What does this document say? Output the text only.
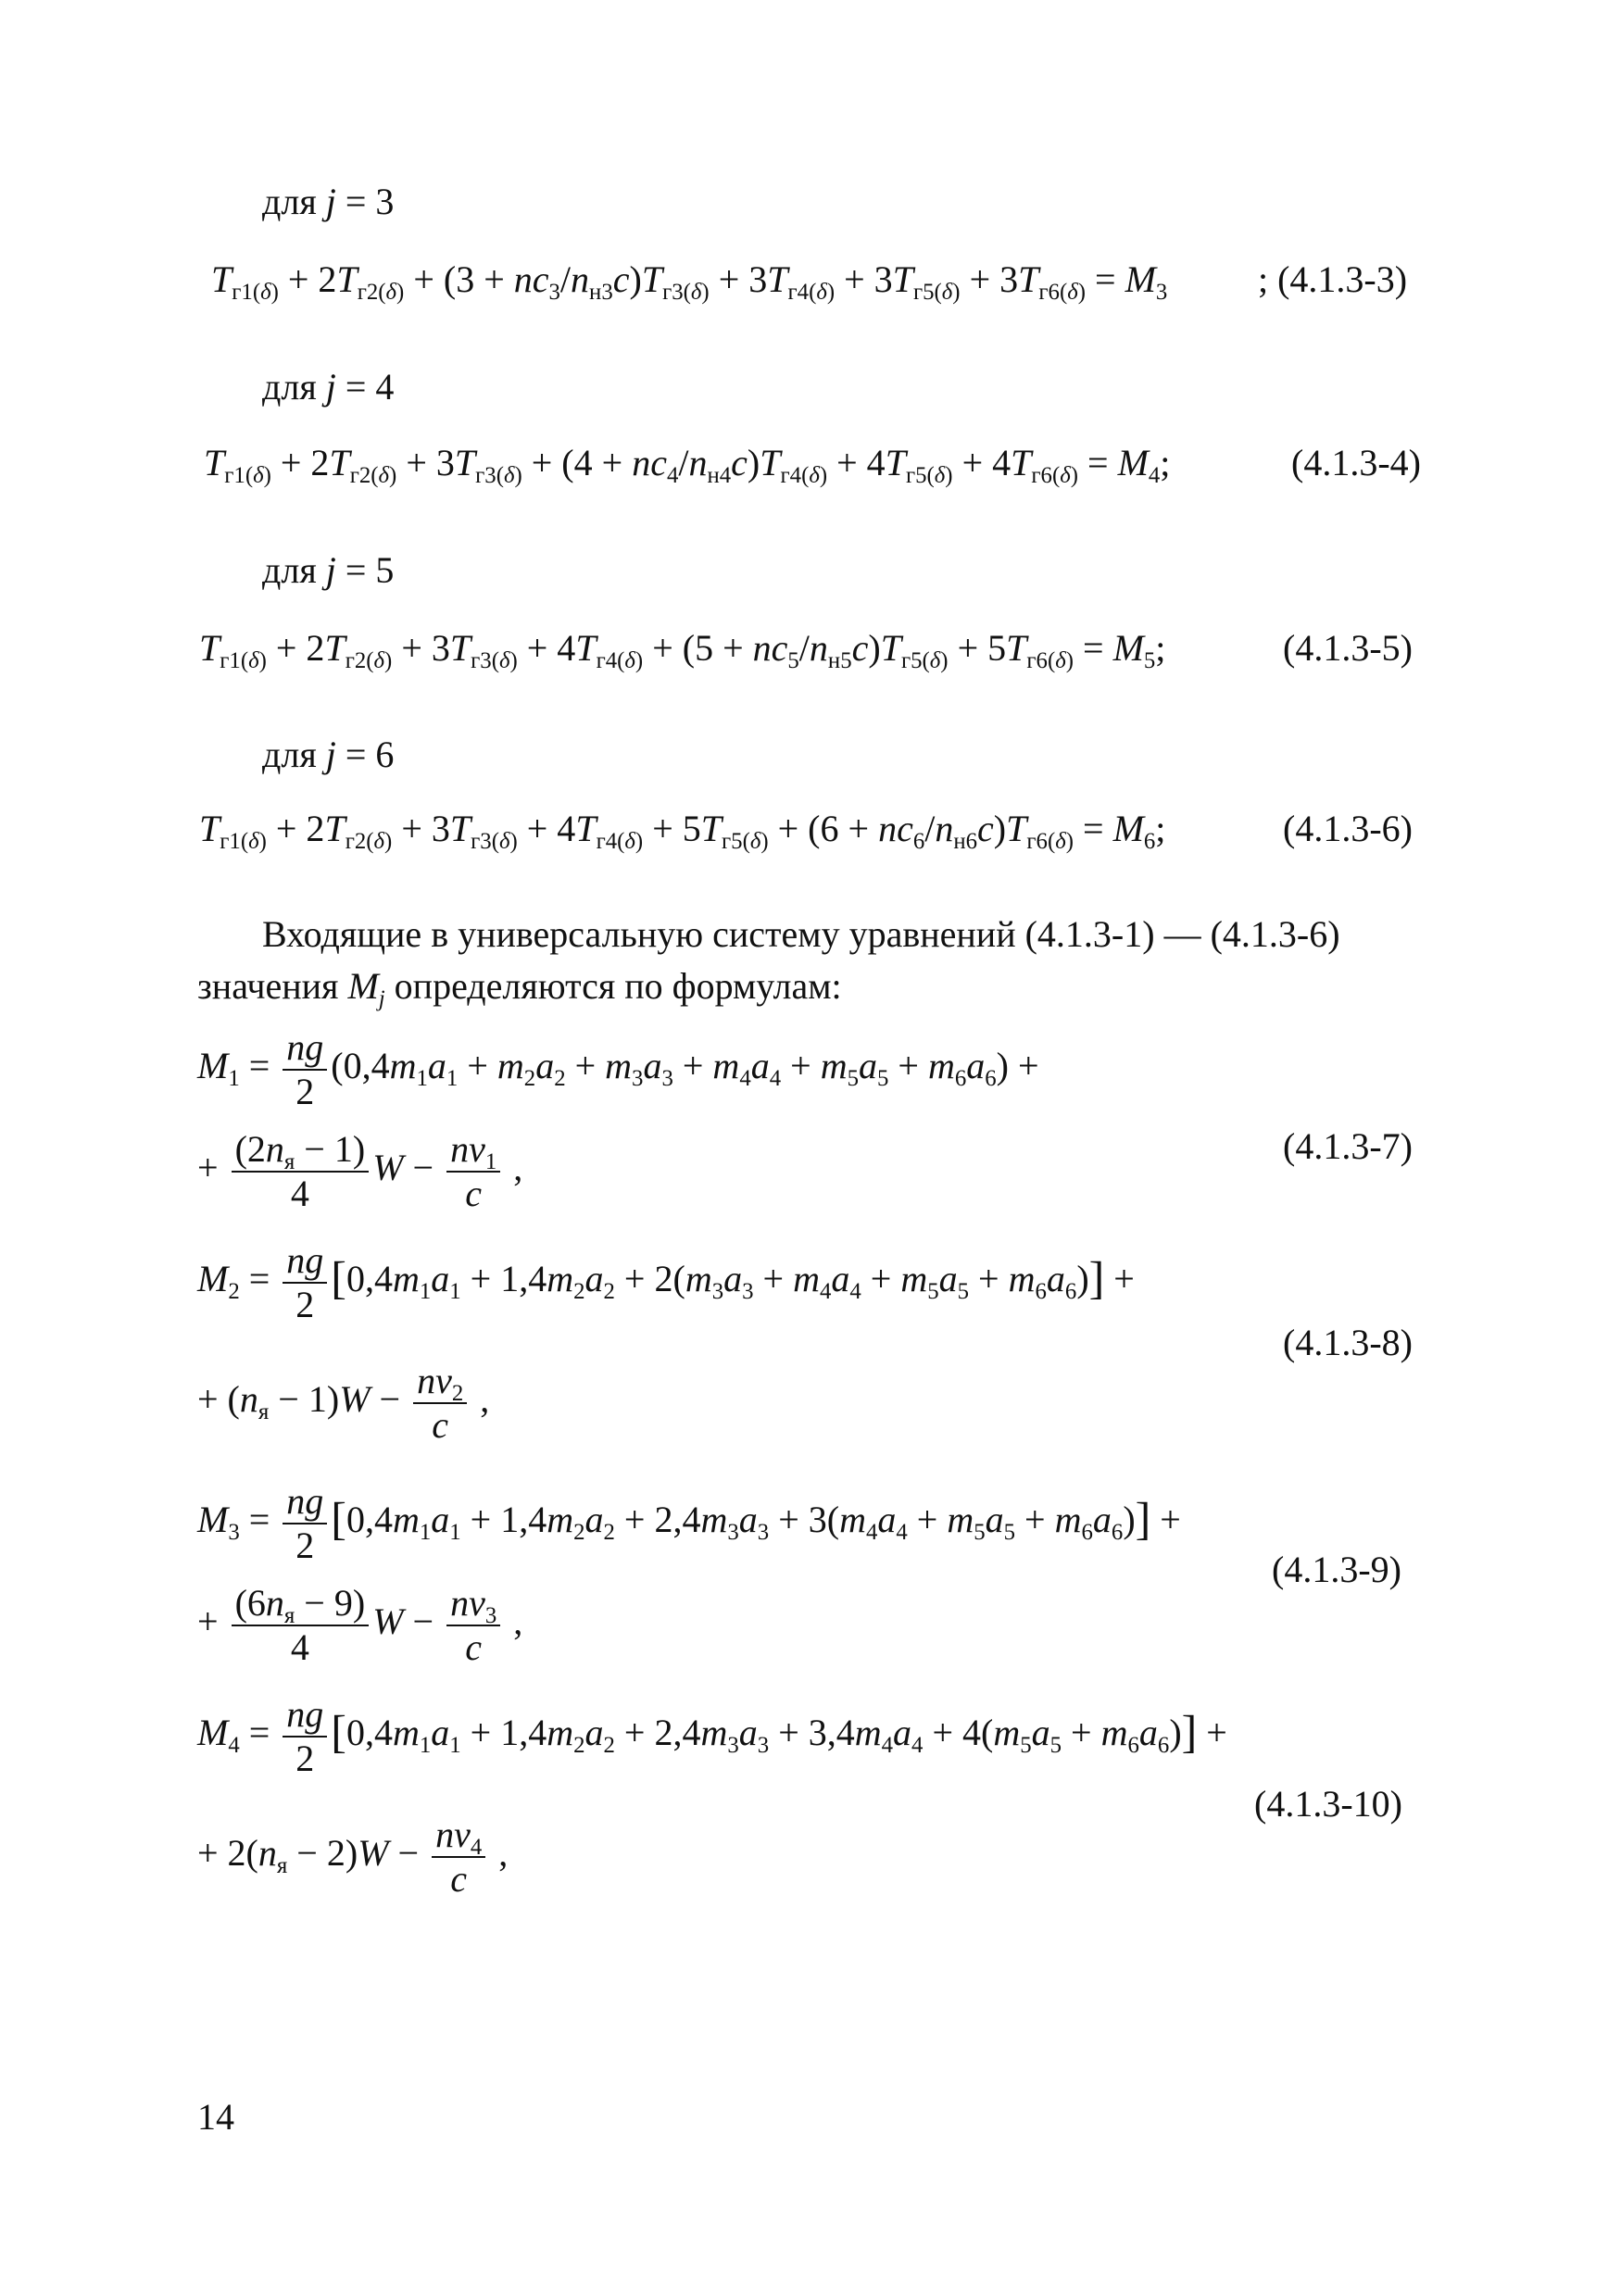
для j = 3
$T_{г1(\delta)} + 2T_{г2(\delta)} + (3 + nc_3/n_{н3}c)T_{г3(\delta)} + 3T_{г4(\delta)} + 3T_{г5(\delta)} + 3T_{г6(\delta)} = M_3$ ; (4.1.3-3)
для j = 4
$T_{г1(\delta)} + 2T_{г2(\delta)} + 3T_{г3(\delta)} + (4 + nc_4/n_{н4}c)T_{г4(\delta)} + 4T_{г5(\delta)} + 4T_{г6(\delta)} = M_4$;	(4.1.3-4)
для j = 5
$T_{г1(\delta)} + 2T_{г2(\delta)} + 3T_{г3(\delta)} + 4T_{г4(\delta)} + (5 + nc_5/n_{н5}c)T_{г5(\delta)} + 5T_{г6(\delta)} = M_5$;	(4.1.3-5)
для j = 6
$T_{г1(\delta)} + 2T_{г2(\delta)} + 3T_{г3(\delta)} + 4T_{г4(\delta)} + 5T_{г5(\delta)} + (6 + nc_6/n_{н6}c)T_{г6(\delta)} = M_6$;	(4.1.3-6)
Входящие в универсальную систему уравнений (4.1.3-1) — (4.1.3-6)
значения $M_j$ определяются по формулам:
$M_1 = \frac{ng}{2} (0,4m_1a_1 + m_2a_2 + m_3a_3 + m_4a_4 + m_5a_5 + m_6a_6)$ +
+ $\frac{(2n_я - 1)}{4}$ $W - \frac{nv_1}{c}$ ,
(4.1.3-7)
$M_2 = \frac{ng}{2} [0,4m_1a_1 + 1,4m_2a_2 + 2(m_3a_3 + m_4a_4 + m_5a_5 + m_6a_6)]$ +
(4.1.3-8)
+ $(n_я - 1)W - \frac{nv_2}{c}$ ,
$M_3 = \frac{ng}{2} [0,4m_1a_1 + 1,4m_2a_2 + 2,4m_3a_3 + 3(m_4a_4 + m_5a_5 + m_6a_6)]$ +
(4.1.3-9)
+ $\frac{(6n_я - 9)}{4}$ $W - \frac{nv_3}{c}$ ,
$M_4 = \frac{ng}{2} [0,4m_1a_1 + 1,4m_2a_2 + 2,4m_3a_3 + 3,4m_4a_4 + 4(m_5a_5 + m_6a_6)]$ +
(4.1.3-10)
+ $2(n_я - 2)W - \frac{nv_4}{c}$ ,
14
